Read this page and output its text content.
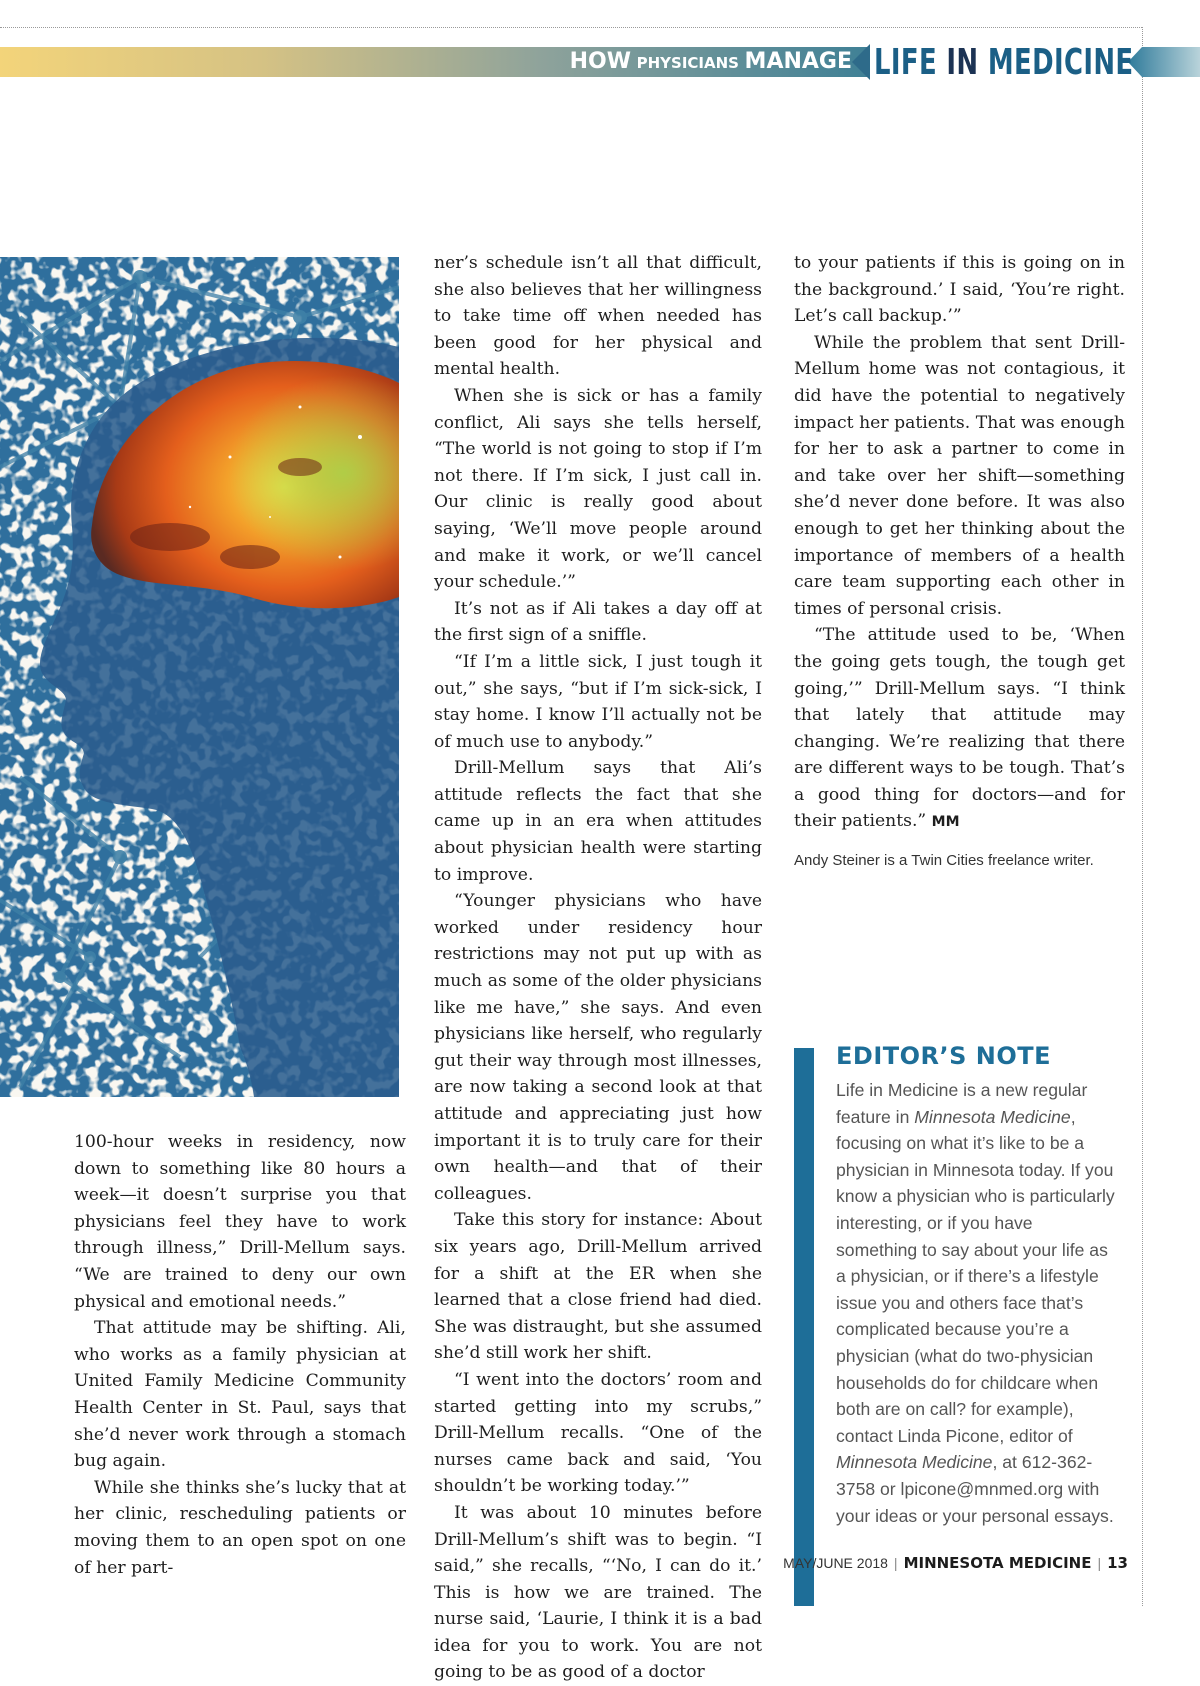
HOW PHYSICIANS MANAGE LIFE IN MEDICINE

100-hour weeks in residency, now down to something like 80 hours a week—it doesn’t surprise you that physicians feel they have to work through illness,” Drill-Mellum says. “We are trained to deny our own physical and emotional needs.”

That attitude may be shifting. Ali, who works as a family physician at United Family Medicine Community Health Center in St. Paul, says that she’d never work through a stomach bug again.

While she thinks she’s lucky that at her clinic, rescheduling patients or moving them to an open spot on one of her part-

ner’s schedule isn’t all that difficult, she also believes that her willingness to take time off when needed has been good for her physical and mental health.

When she is sick or has a family conflict, Ali says she tells herself, “The world is not going to stop if I’m not there. If I’m sick, I just call in. Our clinic is really good about saying, ‘We’ll move people around and make it work, or we’ll cancel your schedule.’”

It’s not as if Ali takes a day off at the first sign of a sniffle.

“If I’m a little sick, I just tough it out,” she says, “but if I’m sick-sick, I stay home. I know I’ll actually not be of much use to anybody.”

Drill-Mellum says that Ali’s attitude reflects the fact that she came up in an era when attitudes about physician health were starting to improve.

“Younger physicians who have worked under residency hour restrictions may not put up with as much as some of the older physicians like me have,” she says. And even physicians like herself, who regularly gut their way through most illnesses, are now taking a second look at that attitude and appreciating just how important it is to truly care for their own health—and that of their colleagues.

Take this story for instance: About six years ago, Drill-Mellum arrived for a shift at the ER when she learned that a close friend had died. She was distraught, but she assumed she’d still work her shift.

“I went into the doctors’ room and started getting into my scrubs,” Drill-Mellum recalls. “One of the nurses came back and said, ‘You shouldn’t be working today.’”

It was about 10 minutes before Drill-Mellum’s shift was to begin. “I said,” she recalls, “‘No, I can do it.’ This is how we are trained. The nurse said, ‘Laurie, I think it is a bad idea for you to work. You are not going to be as good of a doctor

to your patients if this is going on in the background.’ I said, ‘You’re right. Let’s call backup.’”

While the problem that sent Drill-Mellum home was not contagious, it did have the potential to negatively impact her patients. That was enough for her to ask a partner to come in and take over her shift—something she’d never done before. It was also enough to get her thinking about the importance of members of a health care team supporting each other in times of personal crisis.

“The attitude used to be, ‘When the going gets tough, the tough get going,’” Drill-Mellum says. “I think that lately that attitude may changing. We’re realizing that there are different ways to be tough. That’s a good thing for doctors—and for their patients.” MM

Andy Steiner is a Twin Cities freelance writer.

EDITOR’S NOTE

Life in Medicine is a new regular feature in Minnesota Medicine, focusing on what it’s like to be a physician in Minnesota today. If you know a physician who is particularly interesting, or if you have something to say about your life as a physician, or if there’s a lifestyle issue you and others face that’s complicated because you’re a physician (what do two-physician households do for childcare when both are on call? for example), contact Linda Picone, editor of Minnesota Medicine, at 612-362-3758 or lpicone@mnmed.org with your ideas or your personal essays.

MAY/JUNE 2018 | MINNESOTA MEDICINE | 13
